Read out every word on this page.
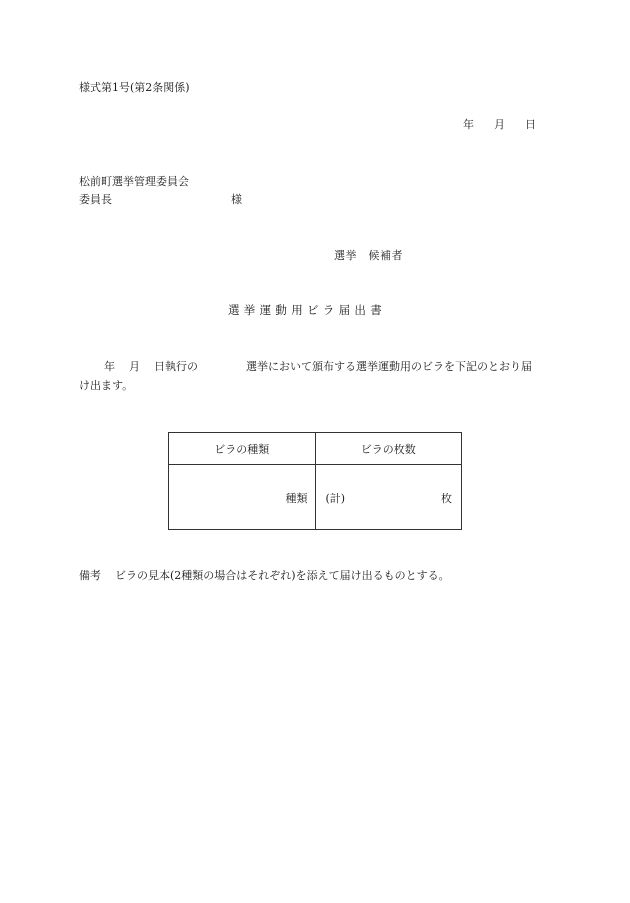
様式第1号(第2条関係)
年 月 日
松前町選挙管理委員会
委員長	様
選挙　候補者
選挙運動用ビラ届出書
年 月 日執行の	選挙において頒布する選挙運動用のビラを下記のとおり届
け出ます。
ビラの種類	ビラの枚数

種類	(計) 枚
備考 ビラの見本(2種類の場合はそれぞれ)を添えて届け出るものとする。
